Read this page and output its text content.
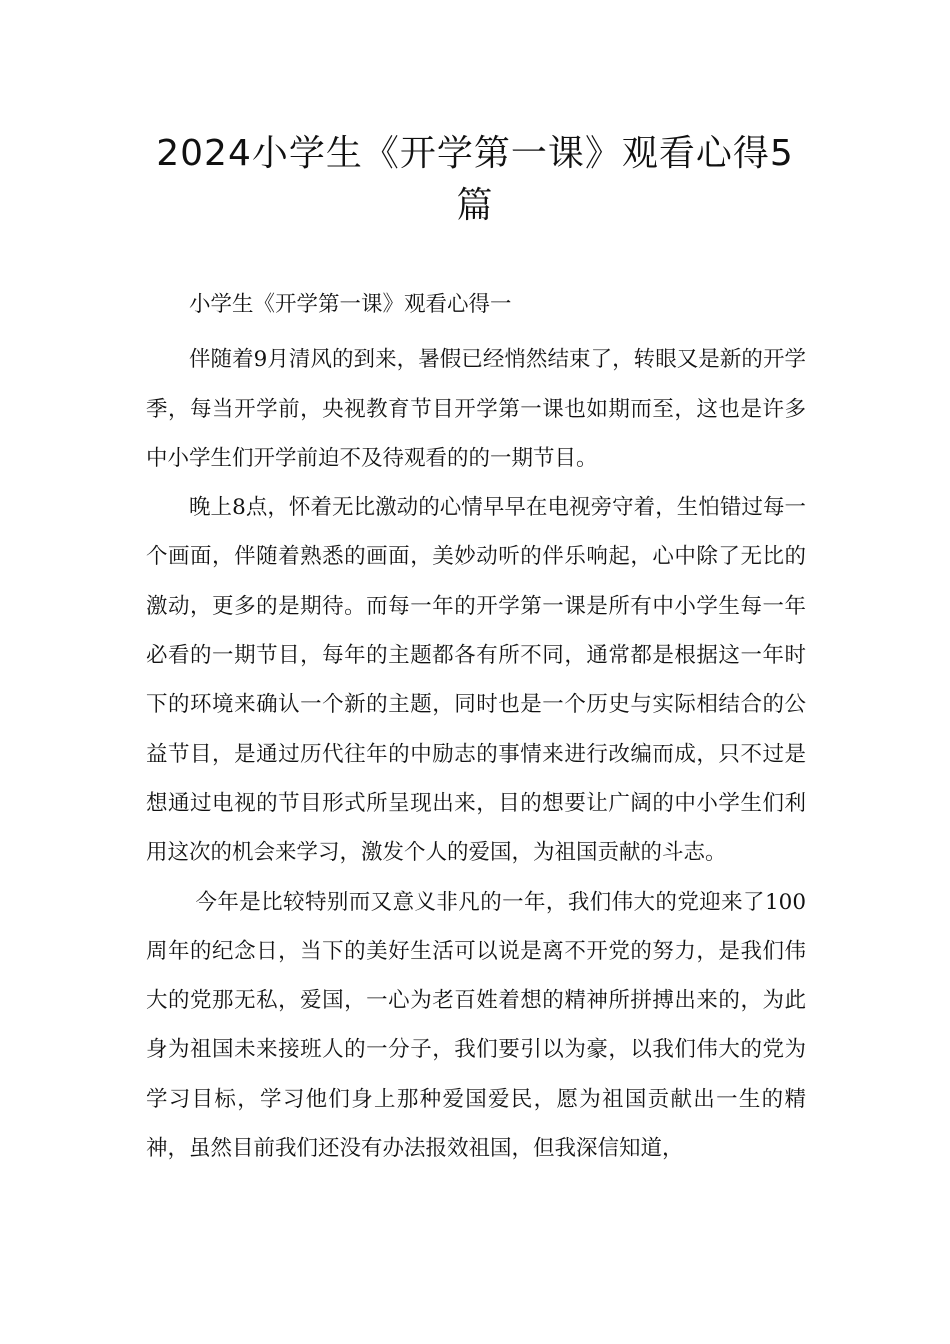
2024小学生《开学第一课》观看心得5篇

小学生《开学第一课》观看心得一

伴随着9月清风的到来，暑假已经悄然结束了，转眼又是新的开学季，每当开学前，央视教育节目开学第一课也如期而至，这也是许多中小学生们开学前迫不及待观看的的一期节目。

晚上8点，怀着无比激动的心情早早在电视旁守着，生怕错过每一个画面，伴随着熟悉的画面，美妙动听的伴乐响起，心中除了无比的激动，更多的是期待。而每一年的开学第一课是所有中小学生每一年必看的一期节目，每年的主题都各有所不同，通常都是根据这一年时下的环境来确认一个新的主题，同时也是一个历史与实际相结合的公益节目，是通过历代往年的中励志的事情来进行改编而成，只不过是想通过电视的节目形式所呈现出来，目的想要让广阔的中小学生们利用这次的机会来学习，激发个人的爱国，为祖国贡献的斗志。

今年是比较特别而又意义非凡的一年，我们伟大的党迎来了100周年的纪念日，当下的美好生活可以说是离不开党的努力，是我们伟大的党那无私，爱国，一心为老百姓着想的精神所拼搏出来的，为此身为祖国未来接班人的一分子，我们要引以为豪，以我们伟大的党为学习目标，学习他们身上那种爱国爱民，愿为祖国贡献出一生的精神，虽然目前我们还没有办法报效祖国，但我深信知道，
